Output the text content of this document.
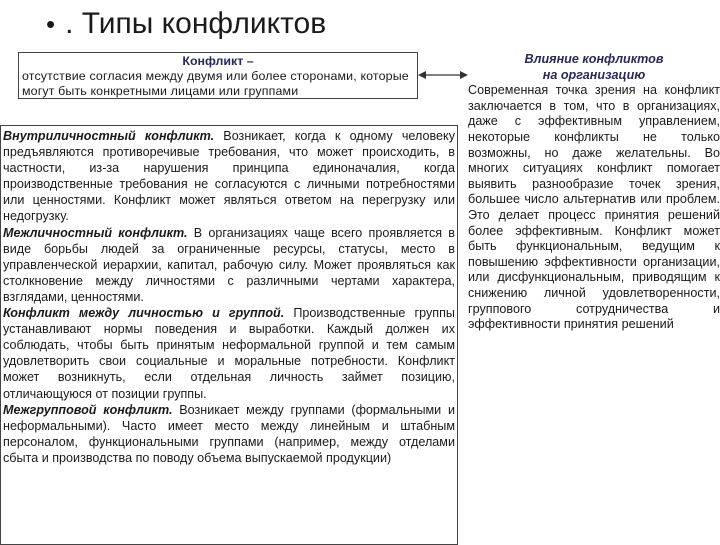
• . Типы конфликтов
Конфликт –
отсутствие согласия между двумя или более сторонами, которые могут быть конкретными лицами или группами
Влияние конфликтов
на организацию
Современная точка зрения на конфликт заключается в том, что в организациях, даже с эффективным управлением, некоторые конфликты не только возможны, но даже желательны. Во многих ситуациях конфликт помогает выявить разнообразие точек зрения, большее число альтернатив или проблем. Это делает процесс принятия решений более эффективным. Конфликт может быть функциональным, ведущим к повышению эффективности организации, или дисфункциональным, приводящим к снижению личной удовлетворенности, группового сотрудничества и эффективности принятия решений

Внутриличностный конфликт. Возникает, когда к одному человеку предъявляются противоречивые требования, что может происходить, в частности, из-за нарушения принципа единоначалия, когда производственные требования не согласуются с личными потребностями или ценностями. Конфликт может являться ответом на перегрузку или недогрузку.

Межличностный конфликт. В организациях чаще всего проявляется в виде борьбы людей за ограниченные ресурсы, статусы, место в управленческой иерархии, капитал, рабочую силу. Может проявляться как столкновение между личностями с различными чертами характера, взглядами, ценностями.

Конфликт между личностью и группой. Производственные группы устанавливают нормы поведения и выработки. Каждый должен их соблюдать, чтобы быть принятым неформальной группой и тем самым удовлетворить свои социальные и моральные потребности. Конфликт может возникнуть, если отдельная личность займет позицию, отличающуюся от позиции группы.

Межгрупповой конфликт. Возникает между группами (формальными и неформальными). Часто имеет место между линейным и штабным персоналом, функциональными группами (например, между отделами сбыта и производства по поводу объема выпускаемой продукции)
